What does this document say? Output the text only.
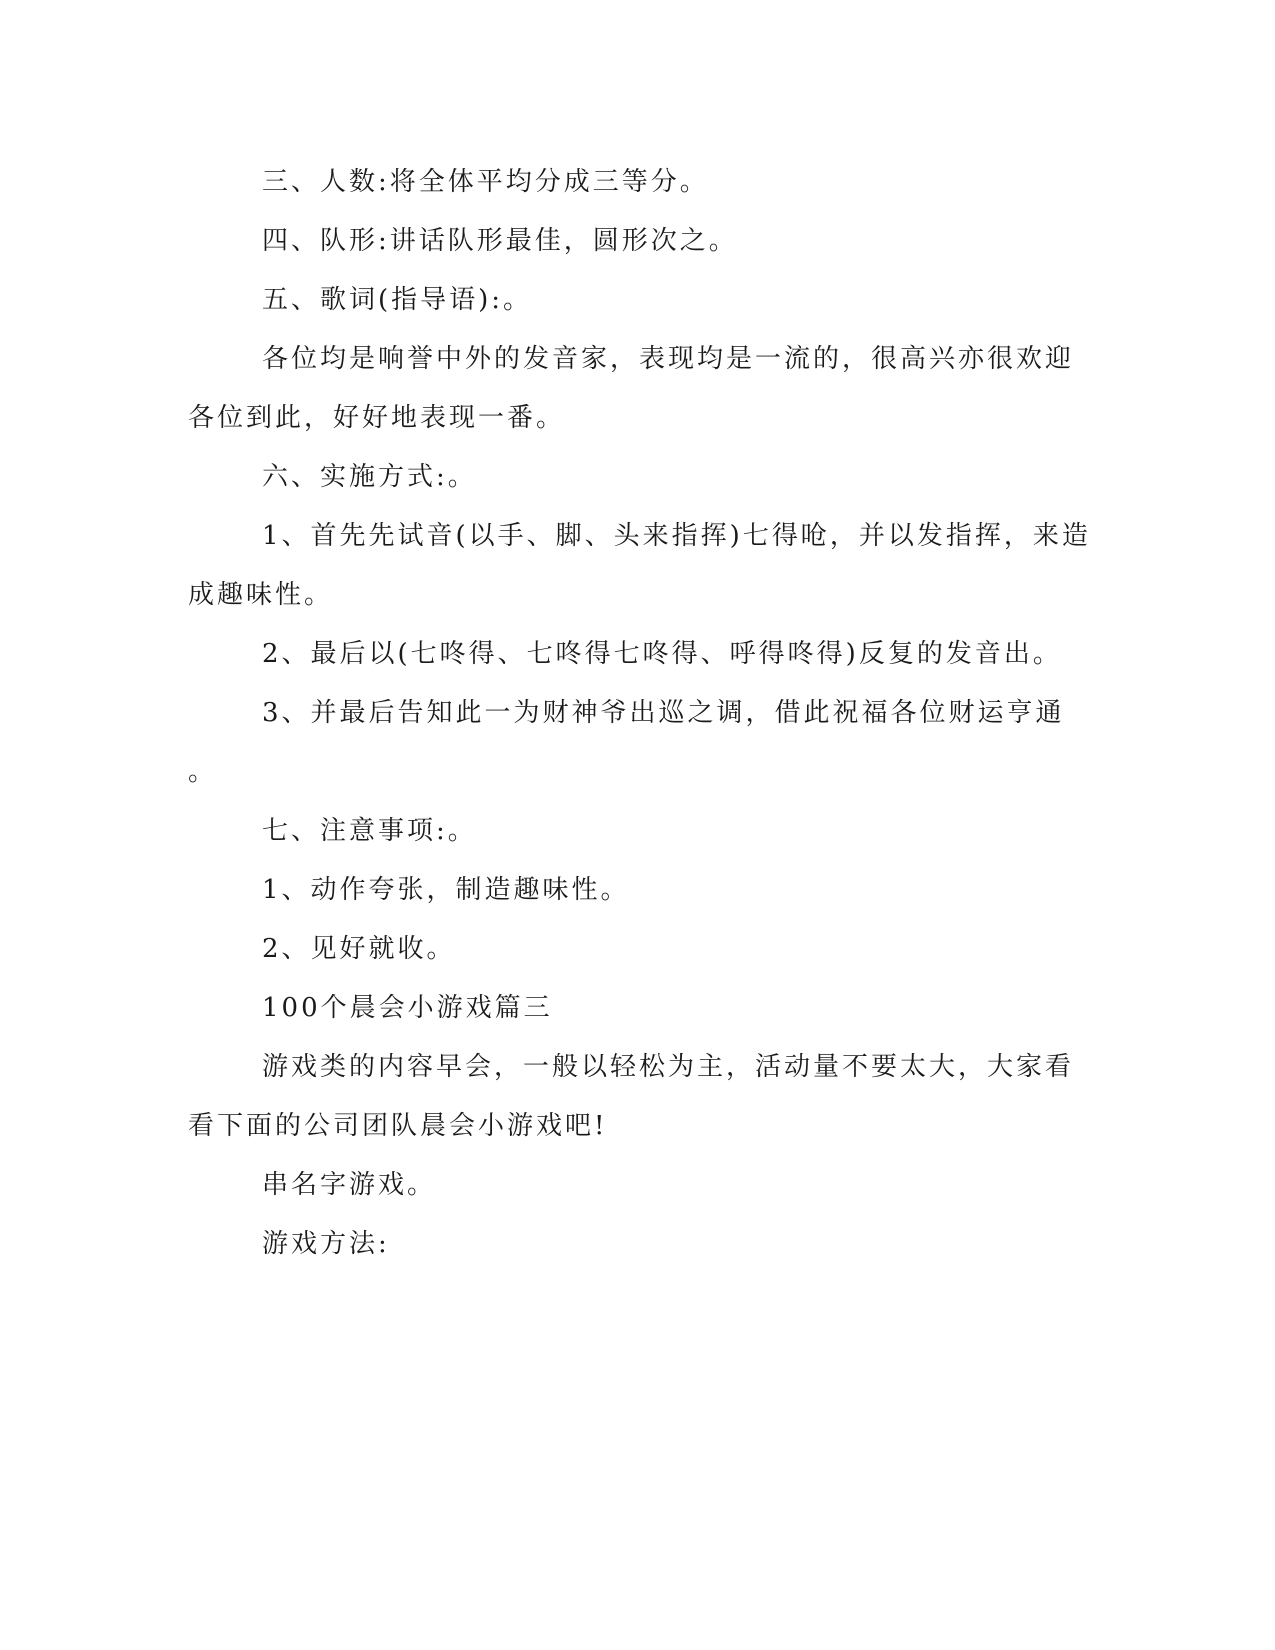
三、人数:将全体平均分成三等分。

四、队形:讲话队形最佳，圆形次之。

五、歌词(指导语):。

各位均是响誉中外的发音家，表现均是一流的，很高兴亦很欢迎

各位到此，好好地表现一番。

六、实施方式:。

1、首先先试音(以手、脚、头来指挥)七得呛，并以发指挥，来造

成趣味性。

2、最后以(七咚得、七咚得七咚得、呼得咚得)反复的发音出。

3、并最后告知此一为财神爷出巡之调，借此祝福各位财运亨通

。

七、注意事项:。

1、动作夸张，制造趣味性。

2、见好就收。

100个晨会小游戏篇三

游戏类的内容早会，一般以轻松为主，活动量不要太大，大家看

看下面的公司团队晨会小游戏吧!

串名字游戏。

游戏方法:
